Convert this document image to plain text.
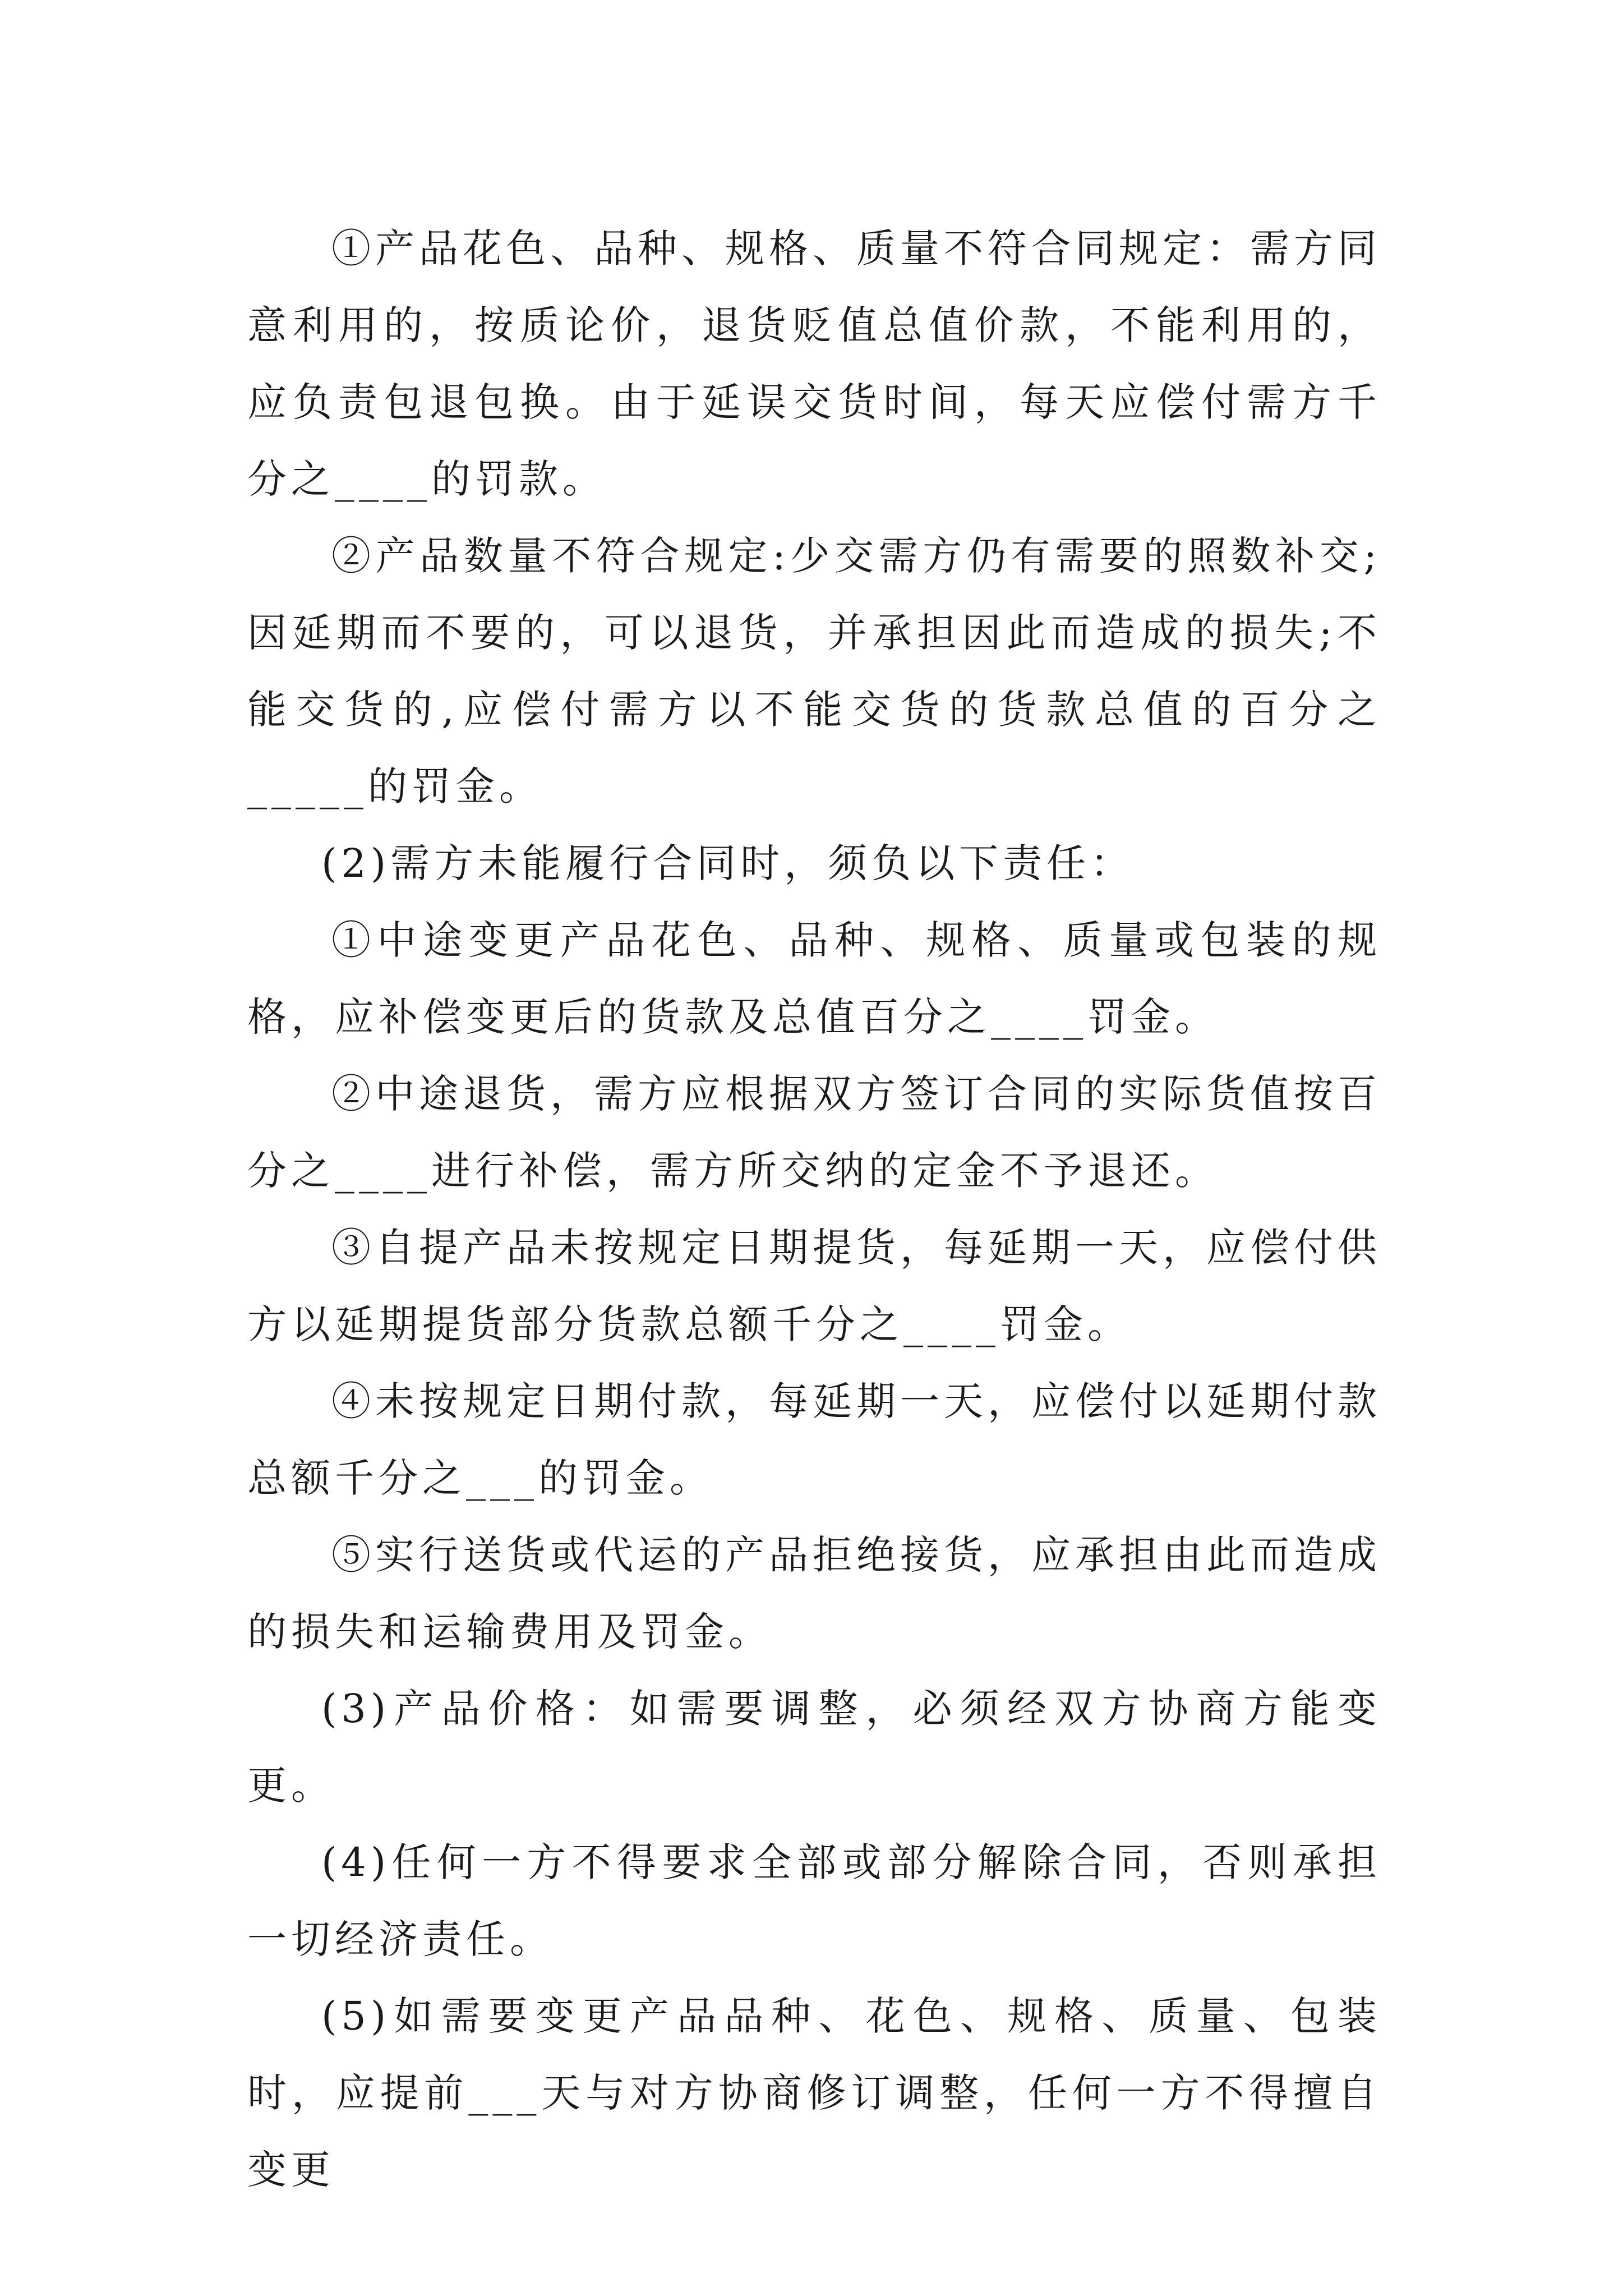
①产品花色、品种、规格、质量不符合同规定：需方同意利用的，按质论价，退货贬值总值价款，不能利用的，应负责包退包换。由于延误交货时间，每天应偿付需方千分之____的罚款。

②产品数量不符合规定:少交需方仍有需要的照数补交;因延期而不要的，可以退货，并承担因此而造成的损失;不能交货的,应偿付需方以不能交货的货款总值的百分之_____的罚金。

(2)需方未能履行合同时，须负以下责任：

①中途变更产品花色、品种、规格、质量或包装的规格，应补偿变更后的货款及总值百分之____罚金。

②中途退货，需方应根据双方签订合同的实际货值按百分之____进行补偿，需方所交纳的定金不予退还。

③自提产品未按规定日期提货，每延期一天，应偿付供方以延期提货部分货款总额千分之____罚金。

④未按规定日期付款，每延期一天，应偿付以延期付款总额千分之___的罚金。

⑤实行送货或代运的产品拒绝接货，应承担由此而造成的损失和运输费用及罚金。

(3)产品价格：如需要调整，必须经双方协商方能变更。

(4)任何一方不得要求全部或部分解除合同，否则承担一切经济责任。

(5)如需要变更产品品种、花色、规格、质量、包装时，应提前___天与对方协商修订调整，任何一方不得擅自变更
